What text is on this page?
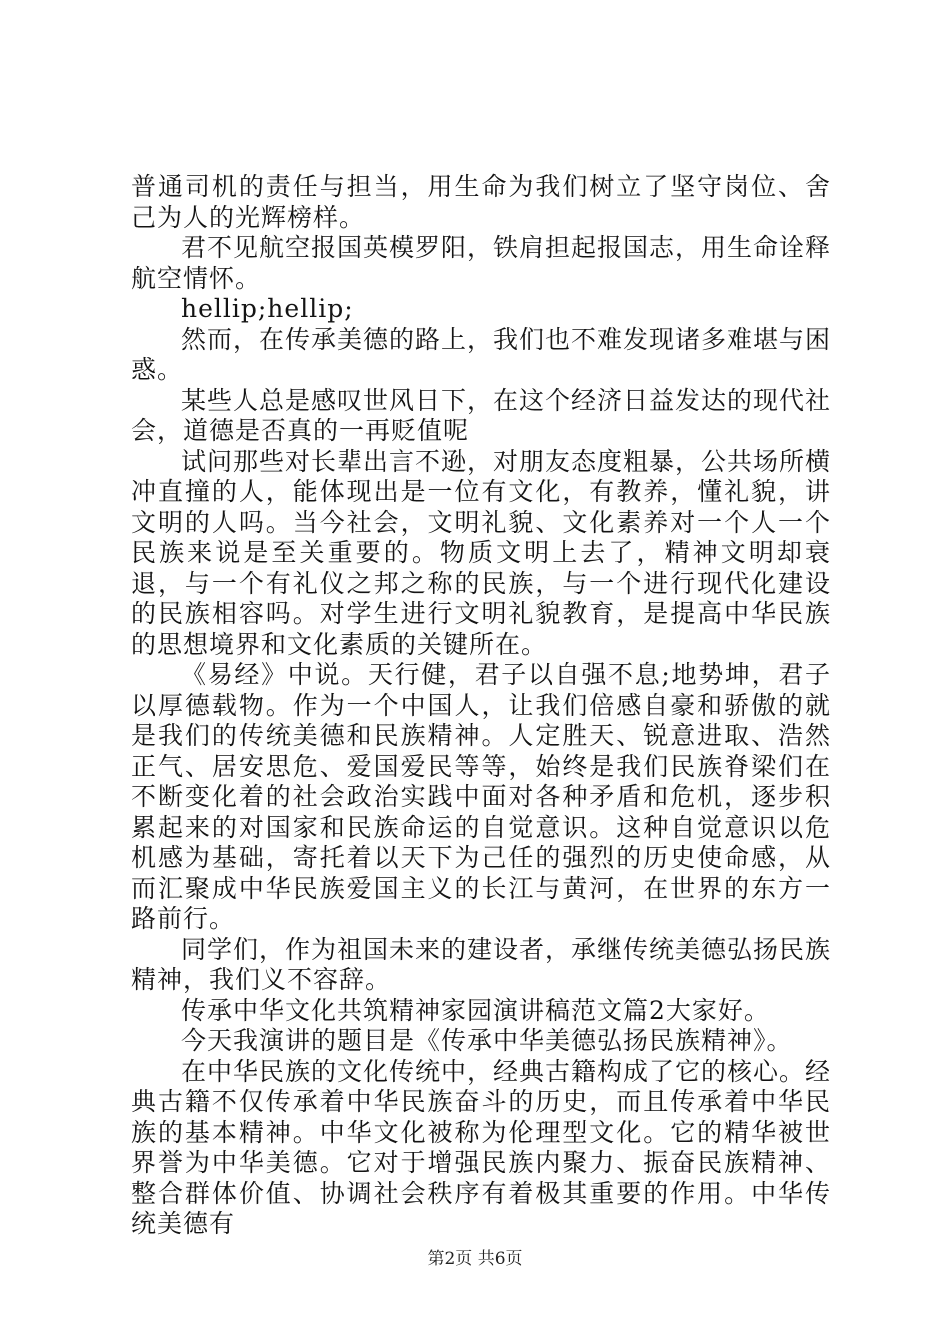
普通司机的责任与担当，用生命为我们树立了坚守岗位、舍己为人的光辉榜样。

君不见航空报国英模罗阳，铁肩担起报国志，用生命诠释航空情怀。

hellip;hellip;

然而，在传承美德的路上，我们也不难发现诸多难堪与困惑。

某些人总是感叹世风日下，在这个经济日益发达的现代社会，道德是否真的一再贬值呢

试问那些对长辈出言不逊，对朋友态度粗暴，公共场所横冲直撞的人，能体现出是一位有文化，有教养，懂礼貌，讲文明的人吗。当今社会，文明礼貌、文化素养对一个人一个民族来说是至关重要的。物质文明上去了，精神文明却衰退，与一个有礼仪之邦之称的民族，与一个进行现代化建设的民族相容吗。对学生进行文明礼貌教育，是提高中华民族的思想境界和文化素质的关键所在。

《易经》中说。天行健，君子以自强不息;地势坤，君子以厚德载物。作为一个中国人，让我们倍感自豪和骄傲的就是我们的传统美德和民族精神。人定胜天、锐意进取、浩然正气、居安思危、爱国爱民等等，始终是我们民族脊梁们在不断变化着的社会政治实践中面对各种矛盾和危机，逐步积累起来的对国家和民族命运的自觉意识。这种自觉意识以危机感为基础，寄托着以天下为己任的强烈的历史使命感，从而汇聚成中华民族爱国主义的长江与黄河，在世界的东方一路前行。

同学们，作为祖国未来的建设者，承继传统美德弘扬民族精神，我们义不容辞。

传承中华文化共筑精神家园演讲稿范文篇2大家好。

今天我演讲的题目是《传承中华美德弘扬民族精神》。

在中华民族的文化传统中，经典古籍构成了它的核心。经典古籍不仅传承着中华民族奋斗的历史，而且传承着中华民族的基本精神。中华文化被称为伦理型文化。它的精华被世界誉为中华美德。它对于增强民族内聚力、振奋民族精神、整合群体价值、协调社会秩序有着极其重要的作用。中华传统美德有

第2页 共6页
